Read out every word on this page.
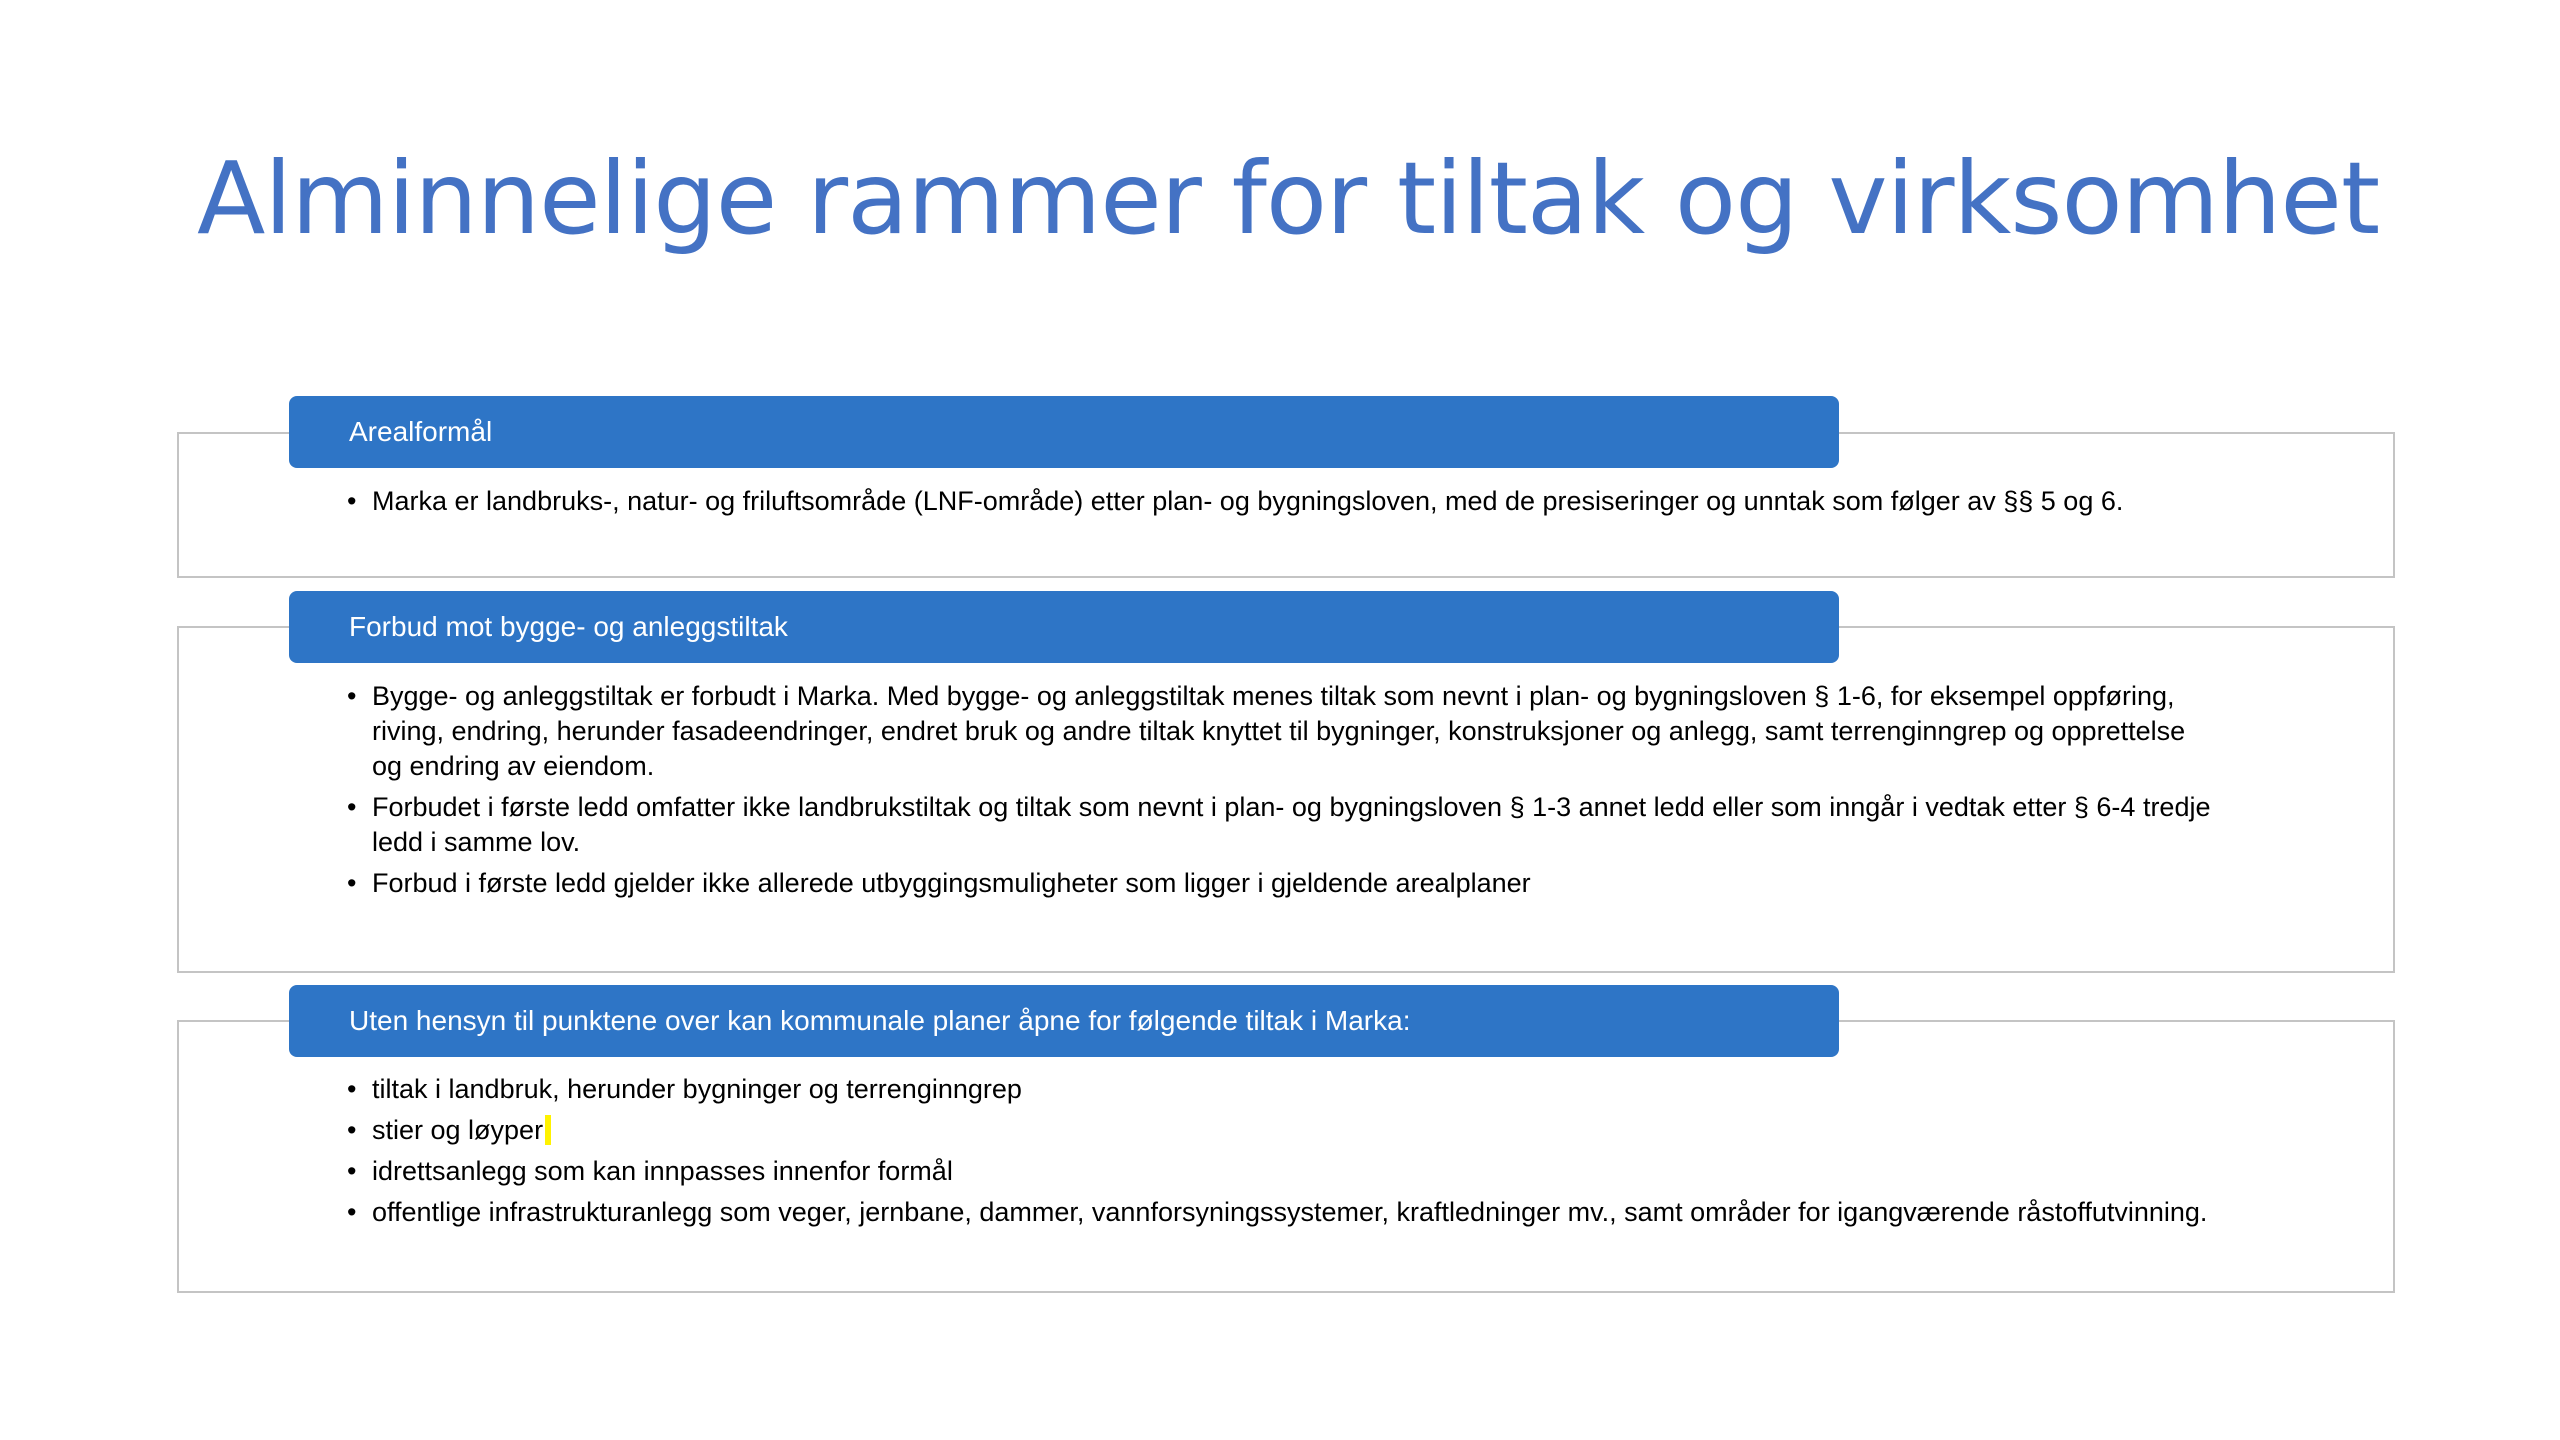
Alminnelige rammer for tiltak og virksomhet
Arealformål
• Marka er landbruks-, natur- og friluftsområde (LNF-område) etter plan- og bygningsloven, med de presiseringer og unntak som følger av §§ 5 og 6.
Forbud mot bygge- og anleggstiltak
• Bygge- og anleggstiltak er forbudt i Marka. Med bygge- og anleggstiltak menes tiltak som nevnt i plan- og bygningsloven § 1-6, for eksempel oppføring, riving, endring, herunder fasadeendringer, endret bruk og andre tiltak knyttet til bygninger, konstruksjoner og anlegg, samt terrenginngrep og opprettelse og endring av eiendom.
• Forbudet i første ledd omfatter ikke landbrukstiltak og tiltak som nevnt i plan- og bygningsloven § 1-3 annet ledd eller som inngår i vedtak etter § 6-4 tredje ledd i samme lov.
• Forbud i første ledd gjelder ikke allerede utbyggingsmuligheter som ligger i gjeldende arealplaner
Uten hensyn til punktene over kan kommunale planer åpne for følgende tiltak i Marka:
• tiltak i landbruk, herunder bygninger og terrenginngrep
• stier og løyper
• idrettsanlegg som kan innpasses innenfor formål
• offentlige infrastrukturanlegg som veger, jernbane, dammer, vannforsyningssystemer, kraftledninger mv., samt områder for igangværende råstoffutvinning.
